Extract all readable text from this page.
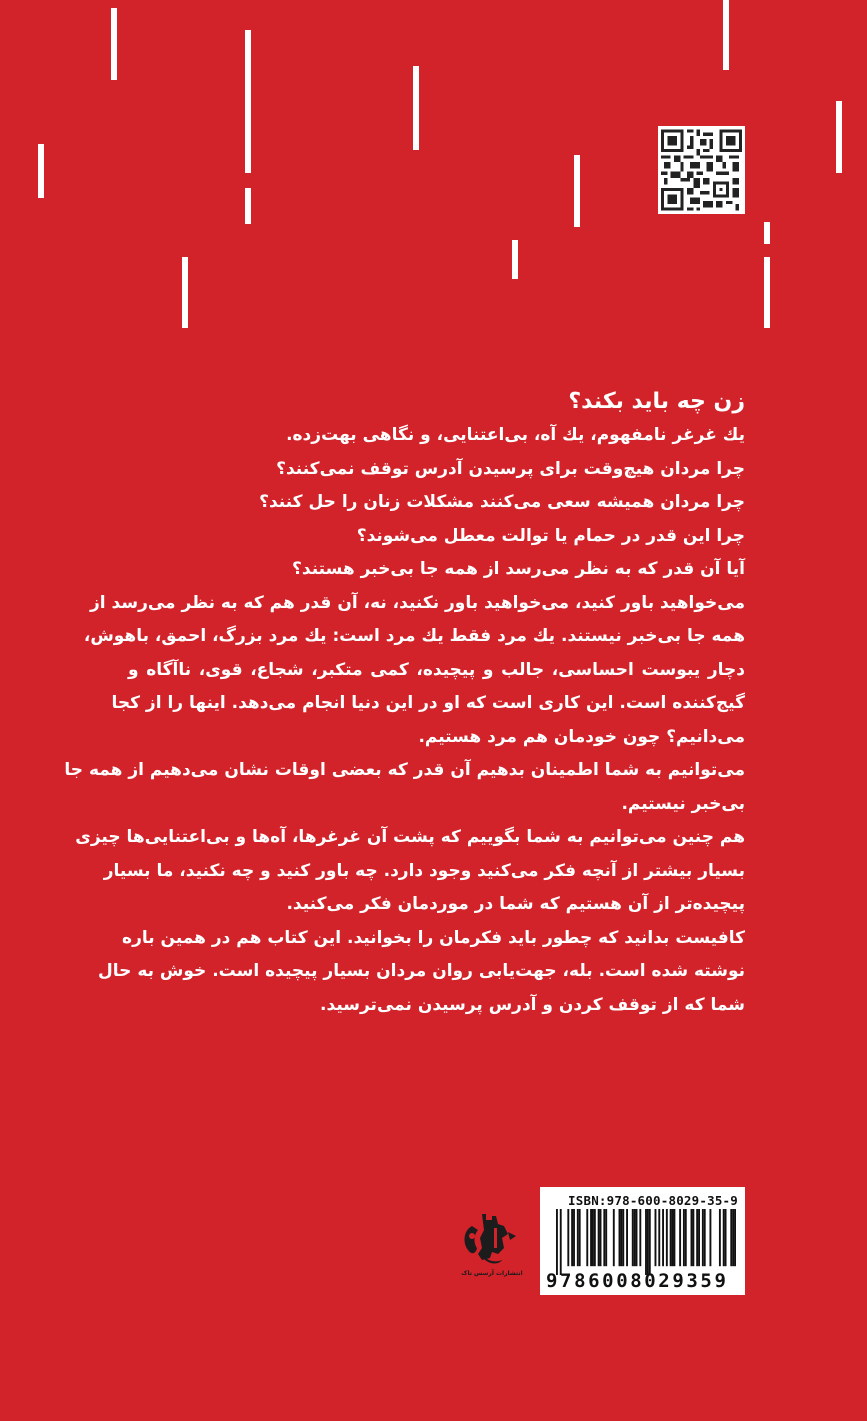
زن چه باید بکند؟
یك غرغر نامفهوم، یك آه، بی‌اعتنایی، و نگاهی بهت‌زده.
چرا مردان هیچ‌وقت برای پرسیدن آدرس توقف نمی‌کنند؟
چرا مردان همیشه سعی می‌کنند مشکلات زنان را حل کنند؟
چرا این قدر در حمام یا توالت معطل می‌شوند؟
آیا آن قدر که به نظر می‌رسد از همه جا بی‌خبر هستند؟
می‌خواهید باور کنید، می‌خواهید باور نکنید، نه، آن قدر هم که به نظر می‌رسد از
همه جا بی‌خبر نیستند. یك مرد فقط یك مرد است: یك مرد بزرگ، احمق، باهوش،
دچار یبوست احساسی، جالب و پیچیده، کمی متکبر، شجاع، قوی، ناآگاه و
گیج‌کننده است. این کاری است که او در این دنیا انجام می‌دهد. اینها را از کجا
می‌دانیم؟ چون خودمان هم مرد هستیم.
می‌توانیم به شما اطمینان بدهیم آن قدر که بعضی اوقات نشان می‌دهیم از همه جا
بی‌خبر نیستیم.
هم چنین می‌توانیم به شما بگوییم که پشت آن غرغرها، آه‌ها و بی‌اعتنایی‌ها چیزی
بسیار بیشتر از آنچه فکر می‌کنید وجود دارد. چه باور کنید و چه نکنید، ما بسیار
پیچیده‌تر از آن هستیم که شما در موردمان فکر می‌کنید.
کافیست بدانید که چطور باید فکرمان را بخوانید. این کتاب هم در همین باره
نوشته شده است. بله، جهت‌یابی روان مردان بسیار پیچیده است. خوش به حال
شما که از توقف کردن و آدرس پرسیدن نمی‌ترسید.
انتشارات آرسس تاک
ISBN:978-600-8029-35-9
9786008029359
